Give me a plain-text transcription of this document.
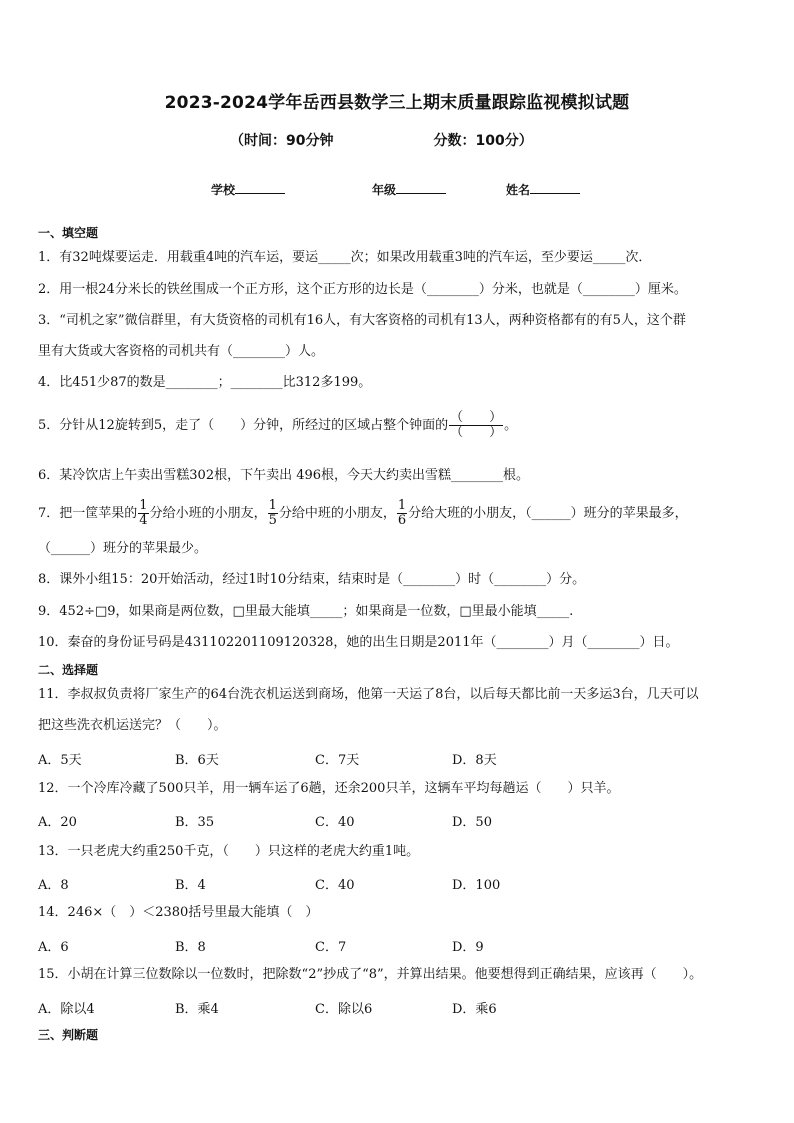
2023-2024学年岳西县数学三上期末质量跟踪监视模拟试题
（时间：90分钟	分数：100分）
学校	年级	姓名
一、填空题
1．有32吨煤要运走．用载重4吨的汽车运，要运_____次；如果改用载重3吨的汽车运，至少要运_____次．
2．用一根24分米长的铁丝围成一个正方形，这个正方形的边长是（________）分米，也就是（________）厘米。
3．“司机之家”微信群里，有大货资格的司机有16人，有大客资格的司机有13人，两种资格都有的有5人，这个群
里有大货或大客资格的司机共有（________）人。
4．比451少87的数是________；________比312多199。
5．分针从12旋转到5，走了（　　）分钟，所经过的区域占整个钟面的 $\frac{( )}{( )}$ 。
6．某冷饮店上午卖出雪糕302根，下午卖出 496根，今天大约卖出雪糕________根。
7．把一筐苹果的 $\frac{1}{4}$ 分给小班的小朋友， $\frac{1}{5}$ 分给中班的小朋友， $\frac{1}{6}$ 分给大班的小朋友，（______）班分的苹果最多，
（______）班分的苹果最少。
8．课外小组15：20开始活动，经过1时10分结束，结束时是（________）时（________）分。
9．452÷□9，如果商是两位数，□里最大能填_____；如果商是一位数，□里最小能填_____.
10．秦奋的身份证号码是431102201109120328，她的出生日期是2011年（________）月（________）日。
二、选择题
11．李叔叔负责将厂家生产的64台洗衣机运送到商场，他第一天运了8台，以后每天都比前一天多运3台，几天可以
把这些洗衣机运送完？（　　）。
A．5天	B．6天	C．7天	D．8天
12．一个冷库冷藏了500只羊，用一辆车运了6趟，还余200只羊，这辆车平均每趟运（　　）只羊。
A．20	B．35	C．40	D．50
13．一只老虎大约重250千克，（　　）只这样的老虎大约重1吨。
A．8	B．4	C．40	D．100
14．246×（　）＜2380括号里最大能填（　）
A．6	B．8	C．7	D．9
15．小胡在计算三位数除以一位数时，把除数“2”抄成了“8”，并算出结果。他要想得到正确结果，应该再（　　）。
A．除以4	B．乘4	C．除以6	D．乘6
三、判断题
